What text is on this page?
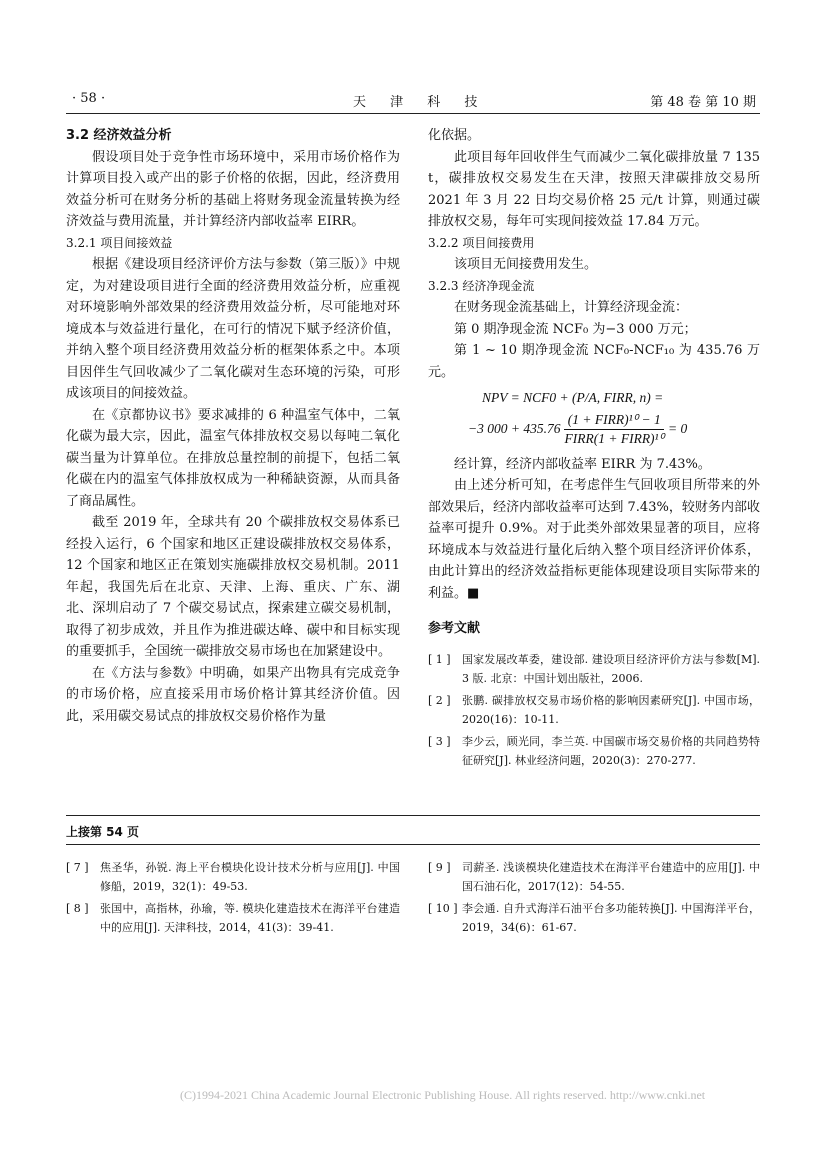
· 58 ·	天 津 科 技	第 48 卷 第 10 期

3.2 经济效益分析

假设项目处于竞争性市场环境中，采用市场价格作为计算项目投入或产出的影子价格的依据，因此，经济费用效益分析可在财务分析的基础上将财务现金流量转换为经济效益与费用流量，并计算经济内部收益率 EIRR。

3.2.1 项目间接效益

根据《建设项目经济评价方法与参数（第三版）》中规定，为对建设项目进行全面的经济费用效益分析，应重视对环境影响外部效果的经济费用效益分析，尽可能地对环境成本与效益进行量化，在可行的情况下赋予经济价值，并纳入整个项目经济费用效益分析的框架体系之中。本项目因伴生气回收减少了二氧化碳对生态环境的污染，可形成该项目的间接效益。

在《京都协议书》要求减排的 6 种温室气体中，二氧化碳为最大宗，因此，温室气体排放权交易以每吨二氧化碳当量为计算单位。在排放总量控制的前提下，包括二氧化碳在内的温室气体排放权成为一种稀缺资源，从而具备了商品属性。

截至 2019 年，全球共有 20 个碳排放权交易体系已经投入运行，6 个国家和地区正建设碳排放权交易体系，12 个国家和地区正在策划实施碳排放权交易机制。2011 年起，我国先后在北京、天津、上海、重庆、广东、湖北、深圳启动了 7 个碳交易试点，探索建立碳交易机制，取得了初步成效，并且作为推进碳达峰、碳中和目标实现的重要抓手，全国统一碳排放交易市场也在加紧建设中。

在《方法与参数》中明确，如果产出物具有完成竞争的市场价格，应直接采用市场价格计算其经济价值。因此，采用碳交易试点的排放权交易价格作为量

化依据。

此项目每年回收伴生气而减少二氧化碳排放量 7 135 t，碳排放权交易发生在天津，按照天津碳排放交易所 2021 年 3 月 22 日均交易价格 25 元/t 计算，则通过碳排放权交易，每年可实现间接效益 17.84 万元。

3.2.2 项目间接费用

该项目无间接费用发生。

3.2.3 经济净现金流

在财务现金流基础上，计算经济现金流：

第 0 期净现金流 NCF₀ 为−3 000 万元；

第 1 ~ 10 期净现金流 NCF₀-NCF₁₀ 为 435.76 万元。

NPV = NCF0 + (P/A, FIRR, n) =
−3 000 + 435.76
(1 + FIRR)¹⁰ − 1
FIRR(1 + FIRR)¹⁰
= 0

经计算，经济内部收益率 EIRR 为 7.43%。

由上述分析可知，在考虑伴生气回收项目所带来的外部效果后，经济内部收益率可达到 7.43%，较财务内部收益率可提升 0.9%。对于此类外部效果显著的项目，应将环境成本与效益进行量化后纳入整个项目经济评价体系，由此计算出的经济效益指标更能体现建设项目实际带来的利益。■

参考文献

[ 1 ]	国家发展改革委，建设部. 建设项目经济评价方法与参数[M]. 3 版. 北京：中国计划出版社，2006.
[ 2 ]	张鹏. 碳排放权交易市场价格的影响因素研究[J]. 中国市场，2020(16)：10-11.
[ 3 ]	李少云，顾光同，李兰英. 中国碳市场交易价格的共同趋势特征研究[J]. 林业经济问题，2020(3)：270-277.
上接第 54 页
[ 7 ]	焦圣华，孙锐. 海上平台模块化设计技术分析与应用[J]. 中国修船，2019，32(1)：49-53.
[ 8 ]	张国中，高指林，孙瑜，等. 模块化建造技术在海洋平台建造中的应用[J]. 天津科技，2014，41(3)：39-41.
[ 9 ]	司薪圣. 浅谈模块化建造技术在海洋平台建造中的应用[J]. 中国石油石化，2017(12)：54-55.
[ 10 ] 李会通. 自升式海洋石油平台多功能转换[J]. 中国海洋平台，2019，34(6)：61-67.
(C)1994-2021 China Academic Journal Electronic Publishing House. All rights reserved. http://www.cnki.net
